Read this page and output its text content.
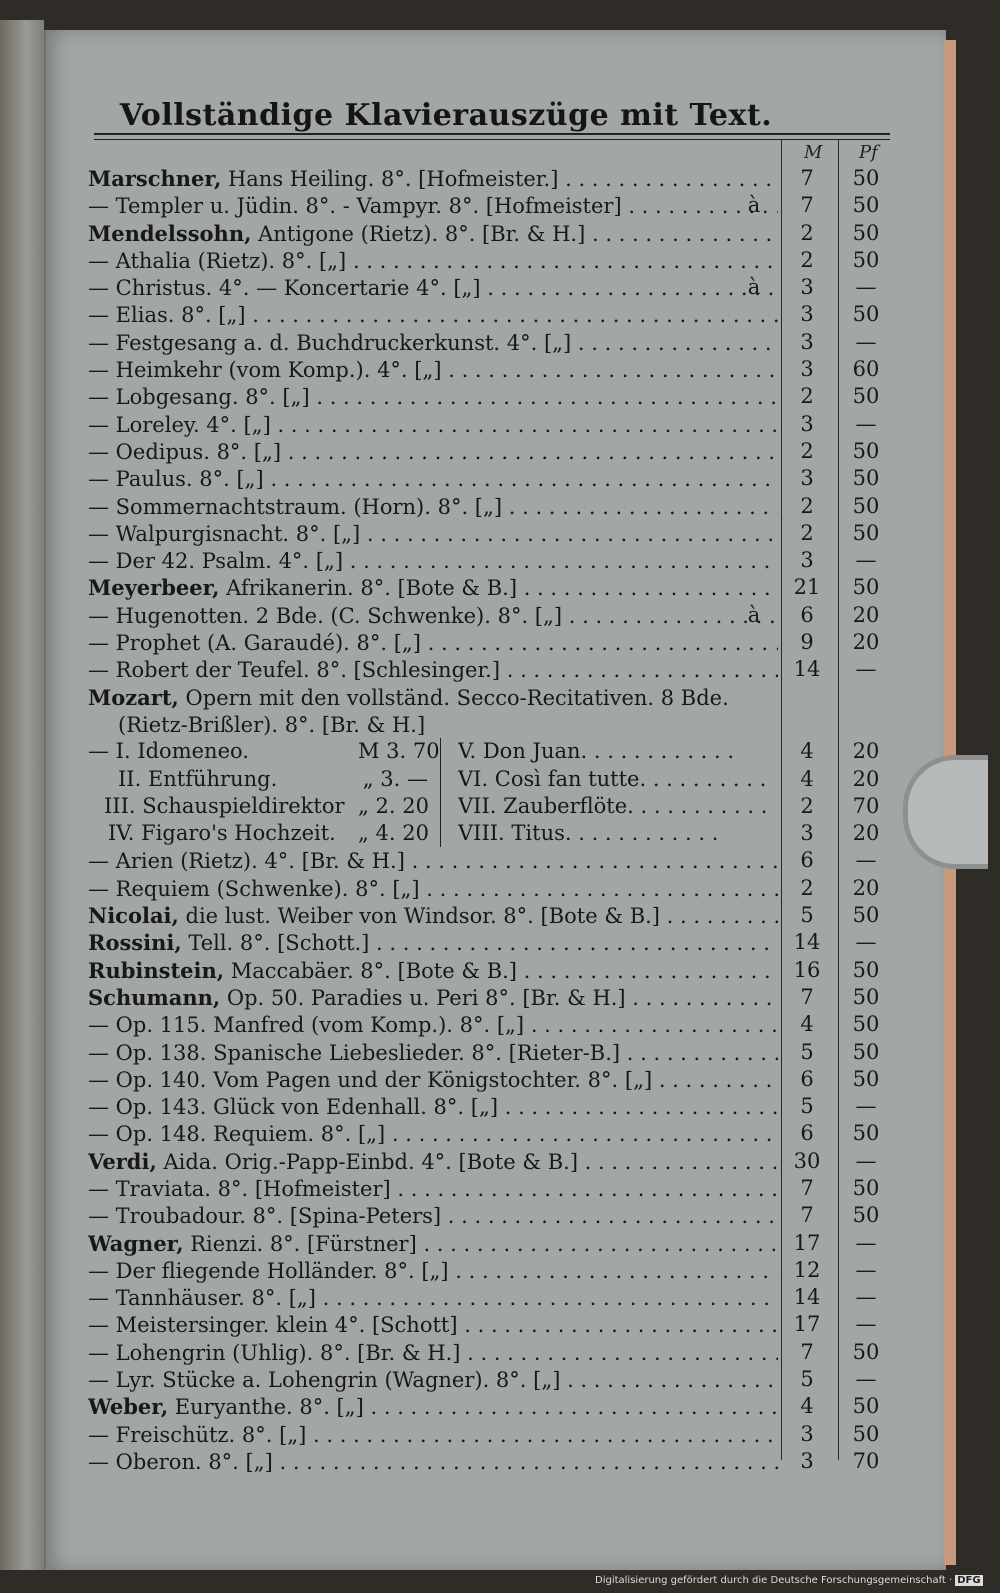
Vollständige Klavierauszüge mit Text.
M Pf
Marschner, Hans Heiling. 8°. [Hofmeister.] . . .	7	50
— Templer u. Jüdin. 8°. - Vampyr. 8°. [Hofmeister] . . .	à	7	50
Mendelssohn, Antigone (Rietz). 8°. [Br. & H.] . . .	2	50
— Athalia (Rietz). 8°. [„] . . .	2	50
— Christus. 4°. — Koncertarie 4°. [„] . . .	à	3	—
— Elias. 8°. [„] . . .	3	50
— Festgesang a. d. Buchdruckerkunst. 4°. [„] . . .	3	—
— Heimkehr (vom Komp.). 4°. [„] . . .	3	60
— Lobgesang. 8°. [„] . . .	2	50
— Loreley. 4°. [„] . . .	3	—
— Oedipus. 8°. [„] . . .	2	50
— Paulus. 8°. [„] . . .	3	50
— Sommernachtstraum. (Horn). 8°. [„] . . .	2	50
— Walpurgisnacht. 8°. [„] . . .	2	50
— Der 42. Psalm. 4°. [„] . . .	3	—
Meyerbeer, Afrikanerin. 8°. [Bote & B.] . . .	21	50
— Hugenotten. 2 Bde. (C. Schwenke). 8°. [„] . . .	à	6	20
— Prophet (A. Garaudé). 8°. [„] . . .	9	20
— Robert der Teufel. 8°. [Schlesinger.] . . .	14	—
Mozart, Opern mit den vollständ. Secco-Recitativen. 8 Bde.
(Rietz-Brißler). 8°. [Br. & H.]
— I. Idomeneo.	M 3. 70 V. Don Juan. . . .	4	20
II. Entführung.	„ 3. — VI. Così fan tutte. . . .	4	20
III. Schauspieldirektor „ 2. 20 VII. Zauberflöte. . . .	2	70
IV. Figaro's Hochzeit.	„ 4. 20 VIII. Titus. . . .	3	20
— Arien (Rietz). 4°. [Br. & H.] . . .	6	—
— Requiem (Schwenke). 8°. [„] . . .	2	20
Nicolai, die lust. Weiber von Windsor. 8°. [Bote & B.] . . .	5	50
Rossini, Tell. 8°. [Schott.] . . .	14	—
Rubinstein, Maccabäer. 8°. [Bote & B.] . . .	16	50
Schumann, Op. 50. Paradies u. Peri 8°. [Br. & H.] . . .	7	50
— Op. 115. Manfred (vom Komp.). 8°. [„] . . .	4	50
— Op. 138. Spanische Liebeslieder. 8°. [Rieter-B.] . . .	5	50
— Op. 140. Vom Pagen und der Königstochter. 8°. [„] . . .	6	50
— Op. 143. Glück von Edenhall. 8°. [„] . . .	5	—
— Op. 148. Requiem. 8°. [„] . . .	6	50
Verdi, Aida. Orig.-Papp-Einbd. 4°. [Bote & B.] . . .	30	—
— Traviata. 8°. [Hofmeister] . . .	7	50
— Troubadour. 8°. [Spina-Peters] . . .	7	50
Wagner, Rienzi. 8°. [Fürstner] . . .	17	—
— Der fliegende Holländer. 8°. [„] . . .	12	—
— Tannhäuser. 8°. [„] . . .	14	—
— Meistersinger. klein 4°. [Schott] . . .	17	—
— Lohengrin (Uhlig). 8°. [Br. & H.] . . .	7	50
— Lyr. Stücke a. Lohengrin (Wagner). 8°. [„] . . .	5	—
Weber, Euryanthe. 8°. [„] . . .	4	50
— Freischütz. 8°. [„] . . .	3	50
— Oberon. 8°. [„] . . .	3	70
Digitalisierung gefördert durch die Deutsche Forschungsgemeinschaft · DFG
